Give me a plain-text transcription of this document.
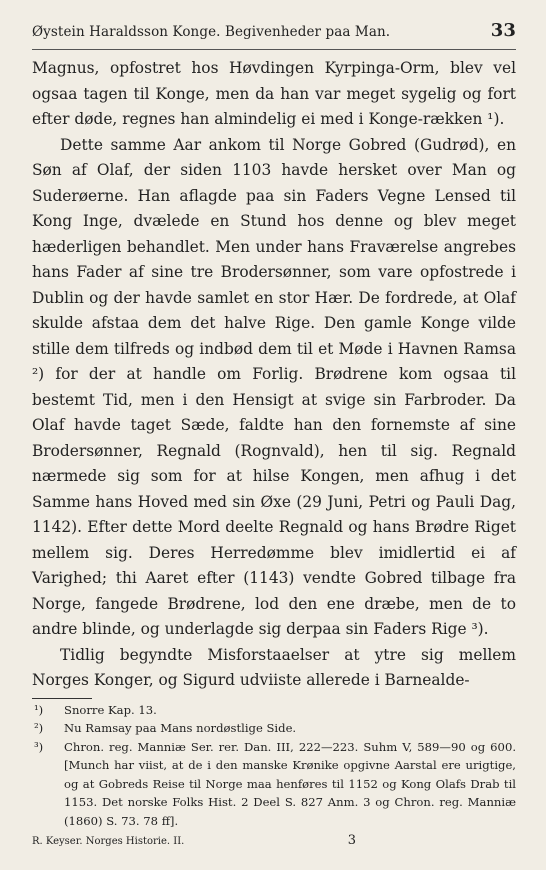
Øystein Haraldsson Konge. Begivenheder paa Man.	33

Magnus, opfostret hos Høvdingen Kyrpinga-Orm, blev vel ogsaa tagen til Konge, men da han var meget sygelig og fort efter døde, regnes han almindelig ei med i Konge-rækken ¹).

Dette samme Aar ankom til Norge Gobred (Gudrød), en Søn af Olaf, der siden 1103 havde hersket over Man og Suderøerne. Han aflagde paa sin Faders Vegne Lensed til Kong Inge, dvælede en Stund hos denne og blev meget hæderligen behandlet. Men under hans Fraværelse angrebes hans Fader af sine tre Brodersønner, som vare opfostrede i Dublin og der havde samlet en stor Hær. De fordrede, at Olaf skulde afstaa dem det halve Rige. Den gamle Konge vilde stille dem tilfreds og indbød dem til et Møde i Havnen Ramsa ²) for der at handle om Forlig. Brødrene kom ogsaa til bestemt Tid, men i den Hensigt at svige sin Farbroder. Da Olaf havde taget Sæde, faldte han den fornemste af sine Brodersønner, Regnald (Rognvald), hen til sig. Regnald nærmede sig som for at hilse Kongen, men afhug i det Samme hans Hoved med sin Øxe (29 Juni, Petri og Pauli Dag, 1142). Efter dette Mord deelte Regnald og hans Brødre Riget mellem sig. Deres Herredømme blev imidlertid ei af Varighed; thi Aaret efter (1143) vendte Gobred tilbage fra Norge, fangede Brødrene, lod den ene dræbe, men de to andre blinde, og underlagde sig derpaa sin Faders Rige ³).

Tidlig begyndte Misforstaaelser at ytre sig mellem Norges Konger, og Sigurd udviiste allerede i Barnealde-

¹)	Snorre Kap. 13.
²)	Nu Ramsay paa Mans nordøstlige Side.
³)	Chron. reg. Manniæ Ser. rer. Dan. III, 222—223. Suhm V, 589—90 og 600. [Munch har viist, at de i den manske Krønike opgivne Aarstal ere urigtige, og at Gobreds Reise til Norge maa henføres til 1152 og Kong Olafs Drab til 1153. Det norske Folks Hist. 2 Deel S. 827 Anm. 3 og Chron. reg. Manniæ (1860) S. 73. 78 ff].
R. Keyser. Norges Historie. II.	3
